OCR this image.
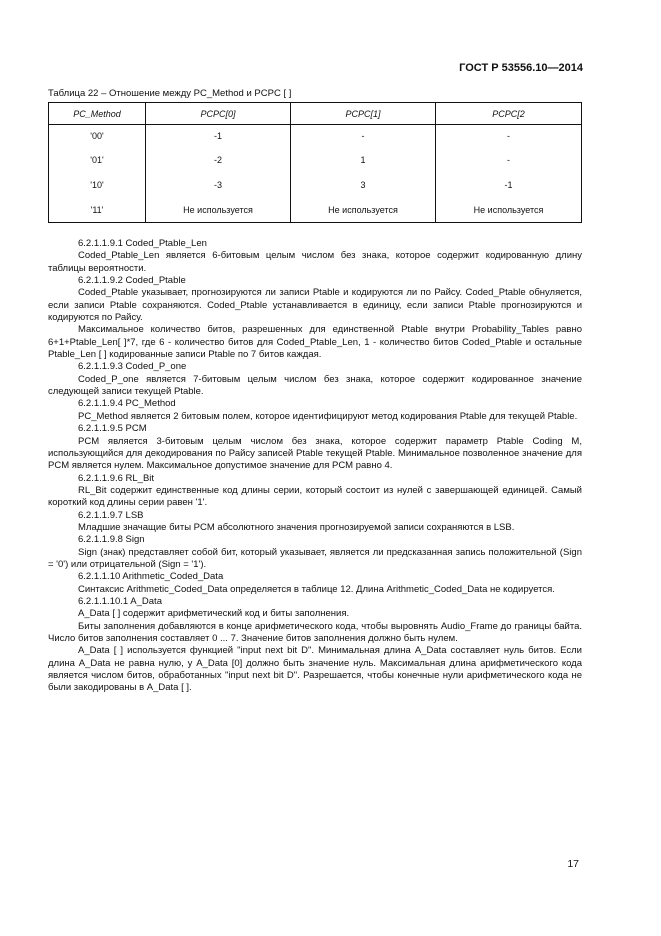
ГОСТ Р 53556.10—2014
Таблица 22 – Отношение между PC_Method и PCPC [ ]
PC_Method	PCPC[0]	PCPC[1]	PCPC[2
'00'	-1	-	-
'01'	-2	1	-
'10'	-3	3	-1
'11'	Не используется	Не используется	Не используется

6.2.1.1.9.1 Coded_Ptable_Len

Coded_Ptable_Len является 6-битовым целым числом без знака, которое содержит кодированную длину таблицы вероятности.

6.2.1.1.9.2 Coded_Ptable

Coded_Ptable указывает, прогнозируются ли записи Ptable и кодируются ли по Райсу. Coded_Ptable обнуляется, если записи Ptable сохраняются. Coded_Ptable устанавливается в единицу, если записи Ptable прогнозируются и кодируются по Райсу.

Максимальное количество битов, разрешенных для единственной Ptable внутри Probability_Tables равно 6+1+Ptable_Len[ ]*7, где 6 - количество битов для Coded_Ptable_Len, 1 - количество битов Coded_Ptable и остальные Ptable_Len [ ] кодированные записи Ptable по 7 битов каждая.

6.2.1.1.9.3 Coded_P_one

Coded_P_one является 7-битовым целым числом без знака, которое содержит кодированное значение следующей записи текущей Ptable.

6.2.1.1.9.4 PC_Method

PC_Method является 2 битовым полем, которое идентифицируют метод кодирования Ptable для текущей Ptable.

6.2.1.1.9.5 PCM

PCM является 3-битовым целым числом без знака, которое содержит параметр Ptable Coding M, использующийся для декодирования по Райсу записей Ptable текущей Ptable. Минимальное позволенное значение для PCM является нулем. Максимальное допустимое значение для PCM равно 4.

6.2.1.1.9.6 RL_Bit

RL_Bit содержит единственные код длины серии, который состоит из нулей с завершающей единицей. Самый короткий код длины серии равен '1'.

6.2.1.1.9.7 LSB

Младшие значащие биты PCM абсолютного значения прогнозируемой записи сохраняются в LSB.

6.2.1.1.9.8 Sign

Sign (знак) представляет собой бит, который указывает, является ли предсказанная запись положительной (Sign = '0') или отрицательной (Sign = '1').

6.2.1.1.10 Arithmetic_Coded_Data

Синтаксис Arithmetic_Coded_Data определяется в таблице 12. Длина Arithmetic_Coded_Data не кодируется.

6.2.1.1.10.1 A_Data

A_Data [ ] содержит арифметический код и биты заполнения.

Биты заполнения добавляются в конце арифметического кода, чтобы выровнять Audio_Frame до границы байта. Число битов заполнения составляет 0 ... 7. Значение битов заполнения должно быть нулем.

A_Data [ ] используется функцией "input next bit D". Минимальная длина A_Data составляет нуль битов. Если длина A_Data не равна нулю, у A_Data [0] должно быть значение нуль. Максимальная длина арифметического кода является числом битов, обработанных "input next bit D". Разрешается, чтобы конечные нули арифметического кода не были закодированы в A_Data [ ].

17
